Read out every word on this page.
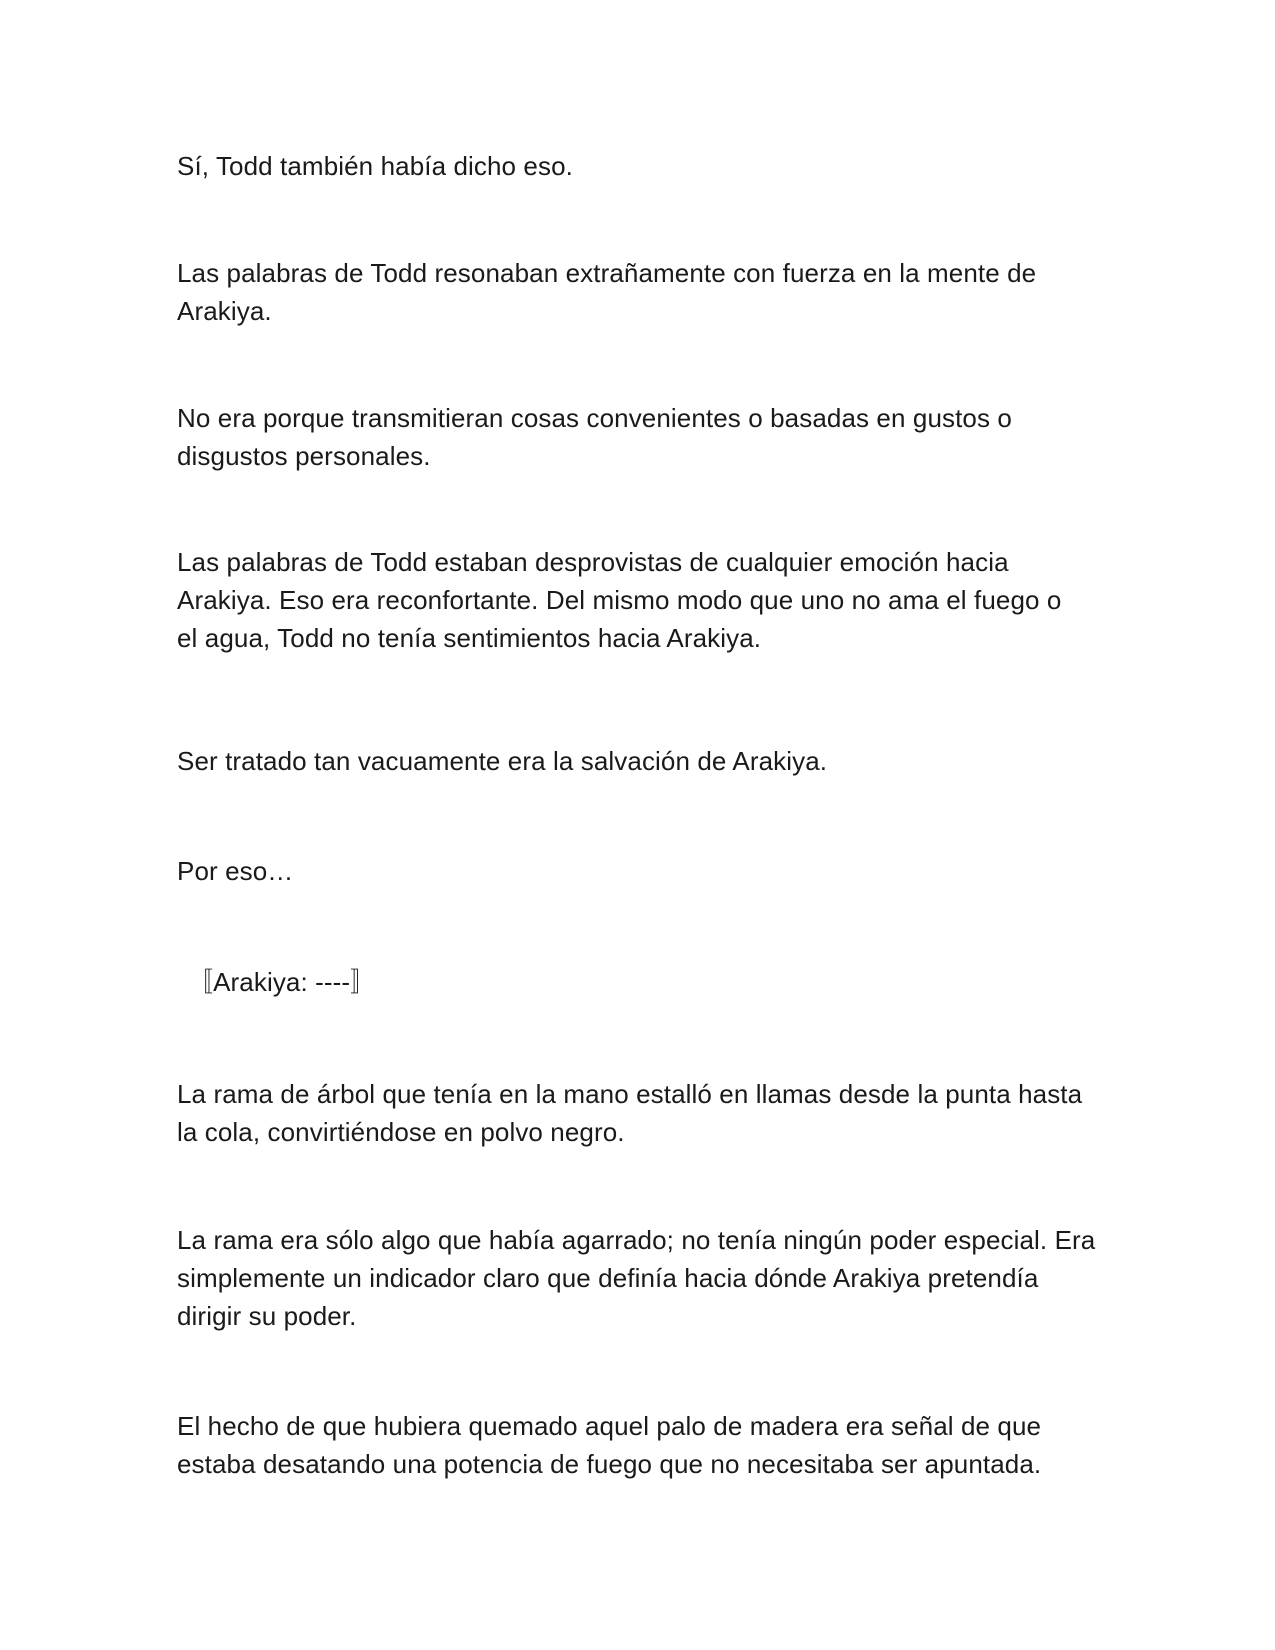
Sí, Todd también había dicho eso.

Las palabras de Todd resonaban extrañamente con fuerza en la mente de
Arakiya.

No era porque transmitieran cosas convenientes o basadas en gustos o
disgustos personales.

Las palabras de Todd estaban desprovistas de cualquier emoción hacia
Arakiya. Eso era reconfortante. Del mismo modo que uno no ama el fuego o
el agua, Todd no tenía sentimientos hacia Arakiya.

Ser tratado tan vacuamente era la salvación de Arakiya.

Por eso…

〚Arakiya: ----〛

La rama de árbol que tenía en la mano estalló en llamas desde la punta hasta
la cola, convirtiéndose en polvo negro.

La rama era sólo algo que había agarrado; no tenía ningún poder especial. Era
simplemente un indicador claro que definía hacia dónde Arakiya pretendía
dirigir su poder.

El hecho de que hubiera quemado aquel palo de madera era señal de que
estaba desatando una potencia de fuego que no necesitaba ser apuntada.
